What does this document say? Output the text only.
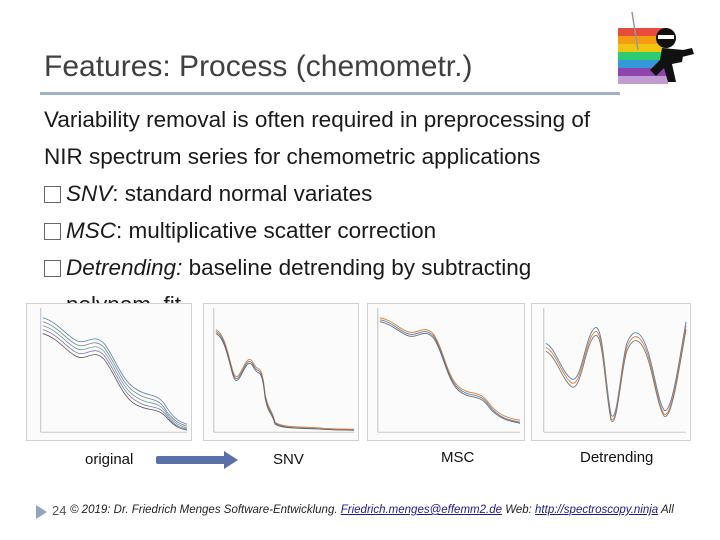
Features: Process (chemometr.)
Variability removal is often required in preprocessing of
NIR spectrum series for chemometric applications
SNV: standard normal variates
MSC: multiplicative scatter correction
Detrending: baseline detrending by subtracting
original	SNV	MSC	Detrending
24 © 2019: Dr. Friedrich Menges Software-Entwicklung. Friedrich.menges@effemm2.de Web: http://spectroscopy.ninja All
